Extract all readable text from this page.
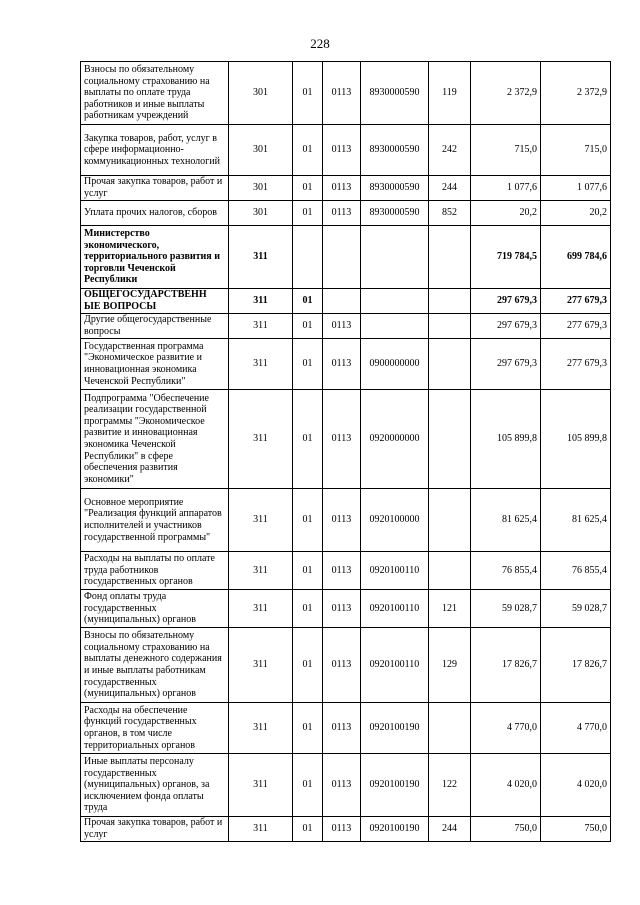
228
Взносы по обязательному социальному страхованию на выплаты по оплате труда работников и иные выплаты работникам учреждений	301	01	0113	8930000590	119	2 372,9	2 372,9
Закупка товаров, работ, услуг в сфере информационно-коммуникационных технологий	301	01	0113	8930000590	242	715,0	715,0
Прочая закупка товаров, работ и услуг	301	01	0113	8930000590	244	1 077,6	1 077,6
Уплата прочих налогов, сборов	301	01	0113	8930000590	852	20,2	20,2
Министерство экономического, территориального развития и торговли Чеченской Республики	311					719 784,5	699 784,6
ОБЩЕГОСУДАРСТВЕНН ЫЕ ВОПРОСЫ	311	01				297 679,3	277 679,3
Другие общегосударственные вопросы	311	01	0113			297 679,3	277 679,3
Государственная программа "Экономическое развитие и инновационная экономика Чеченской Республики"	311	01	0113	0900000000		297 679,3	277 679,3
Подпрограмма "Обеспечение реализации государственной программы "Экономическое развитие и инновационная экономика Чеченской Республики" в сфере обеспечения развития экономики"	311	01	0113	0920000000		105 899,8	105 899,8
Основное мероприятие "Реализация функций аппаратов исполнителей и участников государственной программы"	311	01	0113	0920100000		81 625,4	81 625,4
Расходы на выплаты по оплате труда работников государственных органов	311	01	0113	0920100110		76 855,4	76 855,4
Фонд оплаты труда государственных (муниципальных) органов	311	01	0113	0920100110	121	59 028,7	59 028,7
Взносы по обязательному социальному страхованию на выплаты денежного содержания и иные выплаты работникам государственных (муниципальных) органов	311	01	0113	0920100110	129	17 826,7	17 826,7
Расходы на обеспечение функций государственных органов, в том числе территориальных органов	311	01	0113	0920100190		4 770,0	4 770,0
Иные выплаты персоналу государственных (муниципальных) органов, за исключением фонда оплаты труда	311	01	0113	0920100190	122	4 020,0	4 020,0
Прочая закупка товаров, работ и услуг	311	01	0113	0920100190	244	750,0	750,0
